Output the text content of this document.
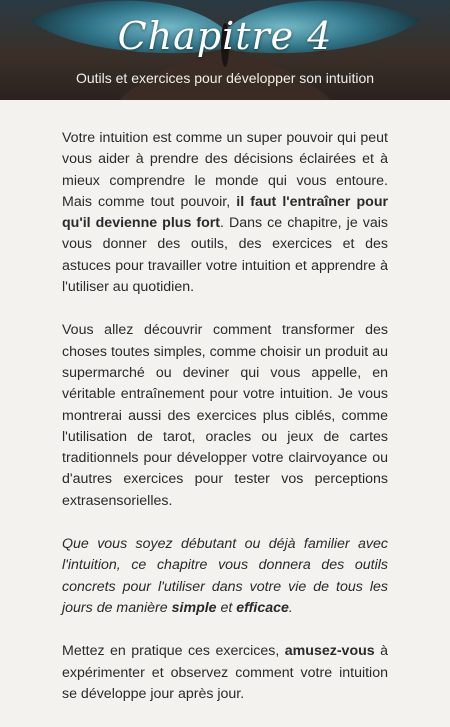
Chapitre 4
Outils et exercices pour développer son intuition

Votre intuition est comme un super pouvoir qui peut vous aider à prendre des décisions éclairées et à mieux comprendre le monde qui vous entoure. Mais comme tout pouvoir, il faut l'entraîner pour qu'il devienne plus fort. Dans ce chapitre, je vais vous donner des outils, des exercices et des astuces pour travailler votre intuition et apprendre à l'utiliser au quotidien.

Vous allez découvrir comment transformer des choses toutes simples, comme choisir un produit au supermarché ou deviner qui vous appelle, en véritable entraînement pour votre intuition. Je vous montrerai aussi des exercices plus ciblés, comme l'utilisation de tarot, oracles ou jeux de cartes traditionnels pour développer votre clairvoyance ou d'autres exercices pour tester vos perceptions extrasensorielles.

Que vous soyez débutant ou déjà familier avec l'intuition, ce chapitre vous donnera des outils concrets pour l'utiliser dans votre vie de tous les jours de manière simple et efficace.

Mettez en pratique ces exercices, amusez-vous à expérimenter et observez comment votre intuition se développe jour après jour.
